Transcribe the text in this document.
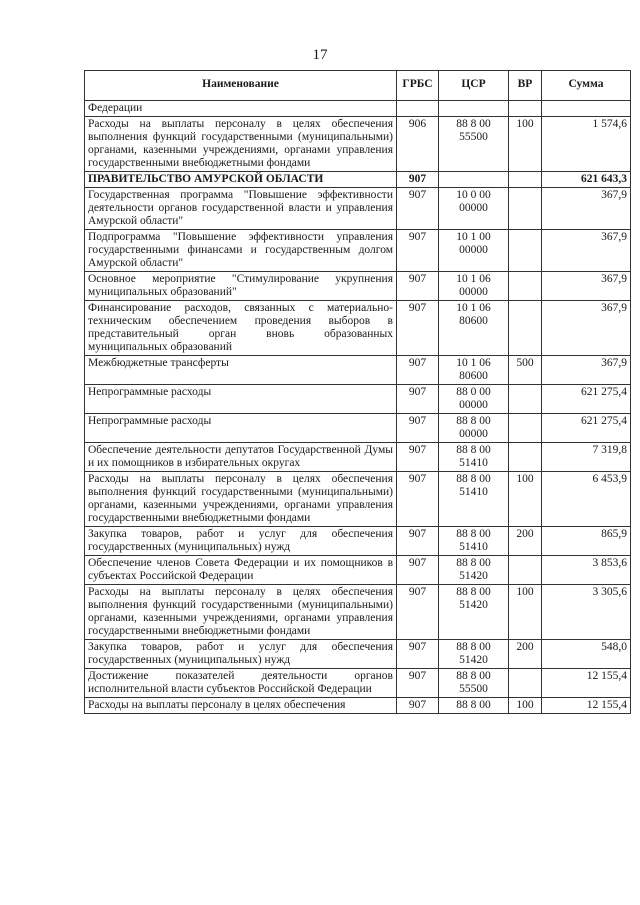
17
Наименование	ГРБС	ЦСР	ВР	Сумма
Федерации				
Расходы на выплаты персоналу в целях обеспечения выполнения функций государственными (муниципальными) органами, казенными учреждениями, органами управления государственными внебюджетными фондами	906	88 8 00 55500	100	1 574,6
ПРАВИТЕЛЬСТВО АМУРСКОЙ ОБЛАСТИ	907			621 643,3
Государственная программа "Повышение эффективности деятельности органов государственной власти и управления Амурской области"	907	10 0 00 00000		367,9
Подпрограмма "Повышение эффективности управления государственными финансами и государственным долгом Амурской области"	907	10 1 00 00000		367,9
Основное мероприятие "Стимулирование укрупнения муниципальных образований"	907	10 1 06 00000		367,9
Финансирование расходов, связанных с материально-техническим обеспечением проведения выборов в представительный орган вновь образованных муниципальных образований	907	10 1 06 80600		367,9
Межбюджетные трансферты	907	10 1 06 80600	500	367,9
Непрограммные расходы	907	88 0 00 00000		621 275,4
Непрограммные расходы	907	88 8 00 00000		621 275,4
Обеспечение деятельности депутатов Государственной Думы и их помощников в избирательных округах	907	88 8 00 51410		7 319,8
Расходы на выплаты персоналу в целях обеспечения выполнения функций государственными (муниципальными) органами, казенными учреждениями, органами управления государственными внебюджетными фондами	907	88 8 00 51410	100	6 453,9
Закупка товаров, работ и услуг для обеспечения государственных (муниципальных) нужд	907	88 8 00 51410	200	865,9
Обеспечение членов Совета Федерации и их помощников в субъектах Российской Федерации	907	88 8 00 51420		3 853,6
Расходы на выплаты персоналу в целях обеспечения выполнения функций государственными (муниципальными) органами, казенными учреждениями, органами управления государственными внебюджетными фондами	907	88 8 00 51420	100	3 305,6
Закупка товаров, работ и услуг для обеспечения государственных (муниципальных) нужд	907	88 8 00 51420	200	548,0
Достижение показателей деятельности органов исполнительной власти субъектов Российской Федерации	907	88 8 00 55500		12 155,4
Расходы на выплаты персоналу в целях обеспечения	907	88 8 00	100	12 155,4
